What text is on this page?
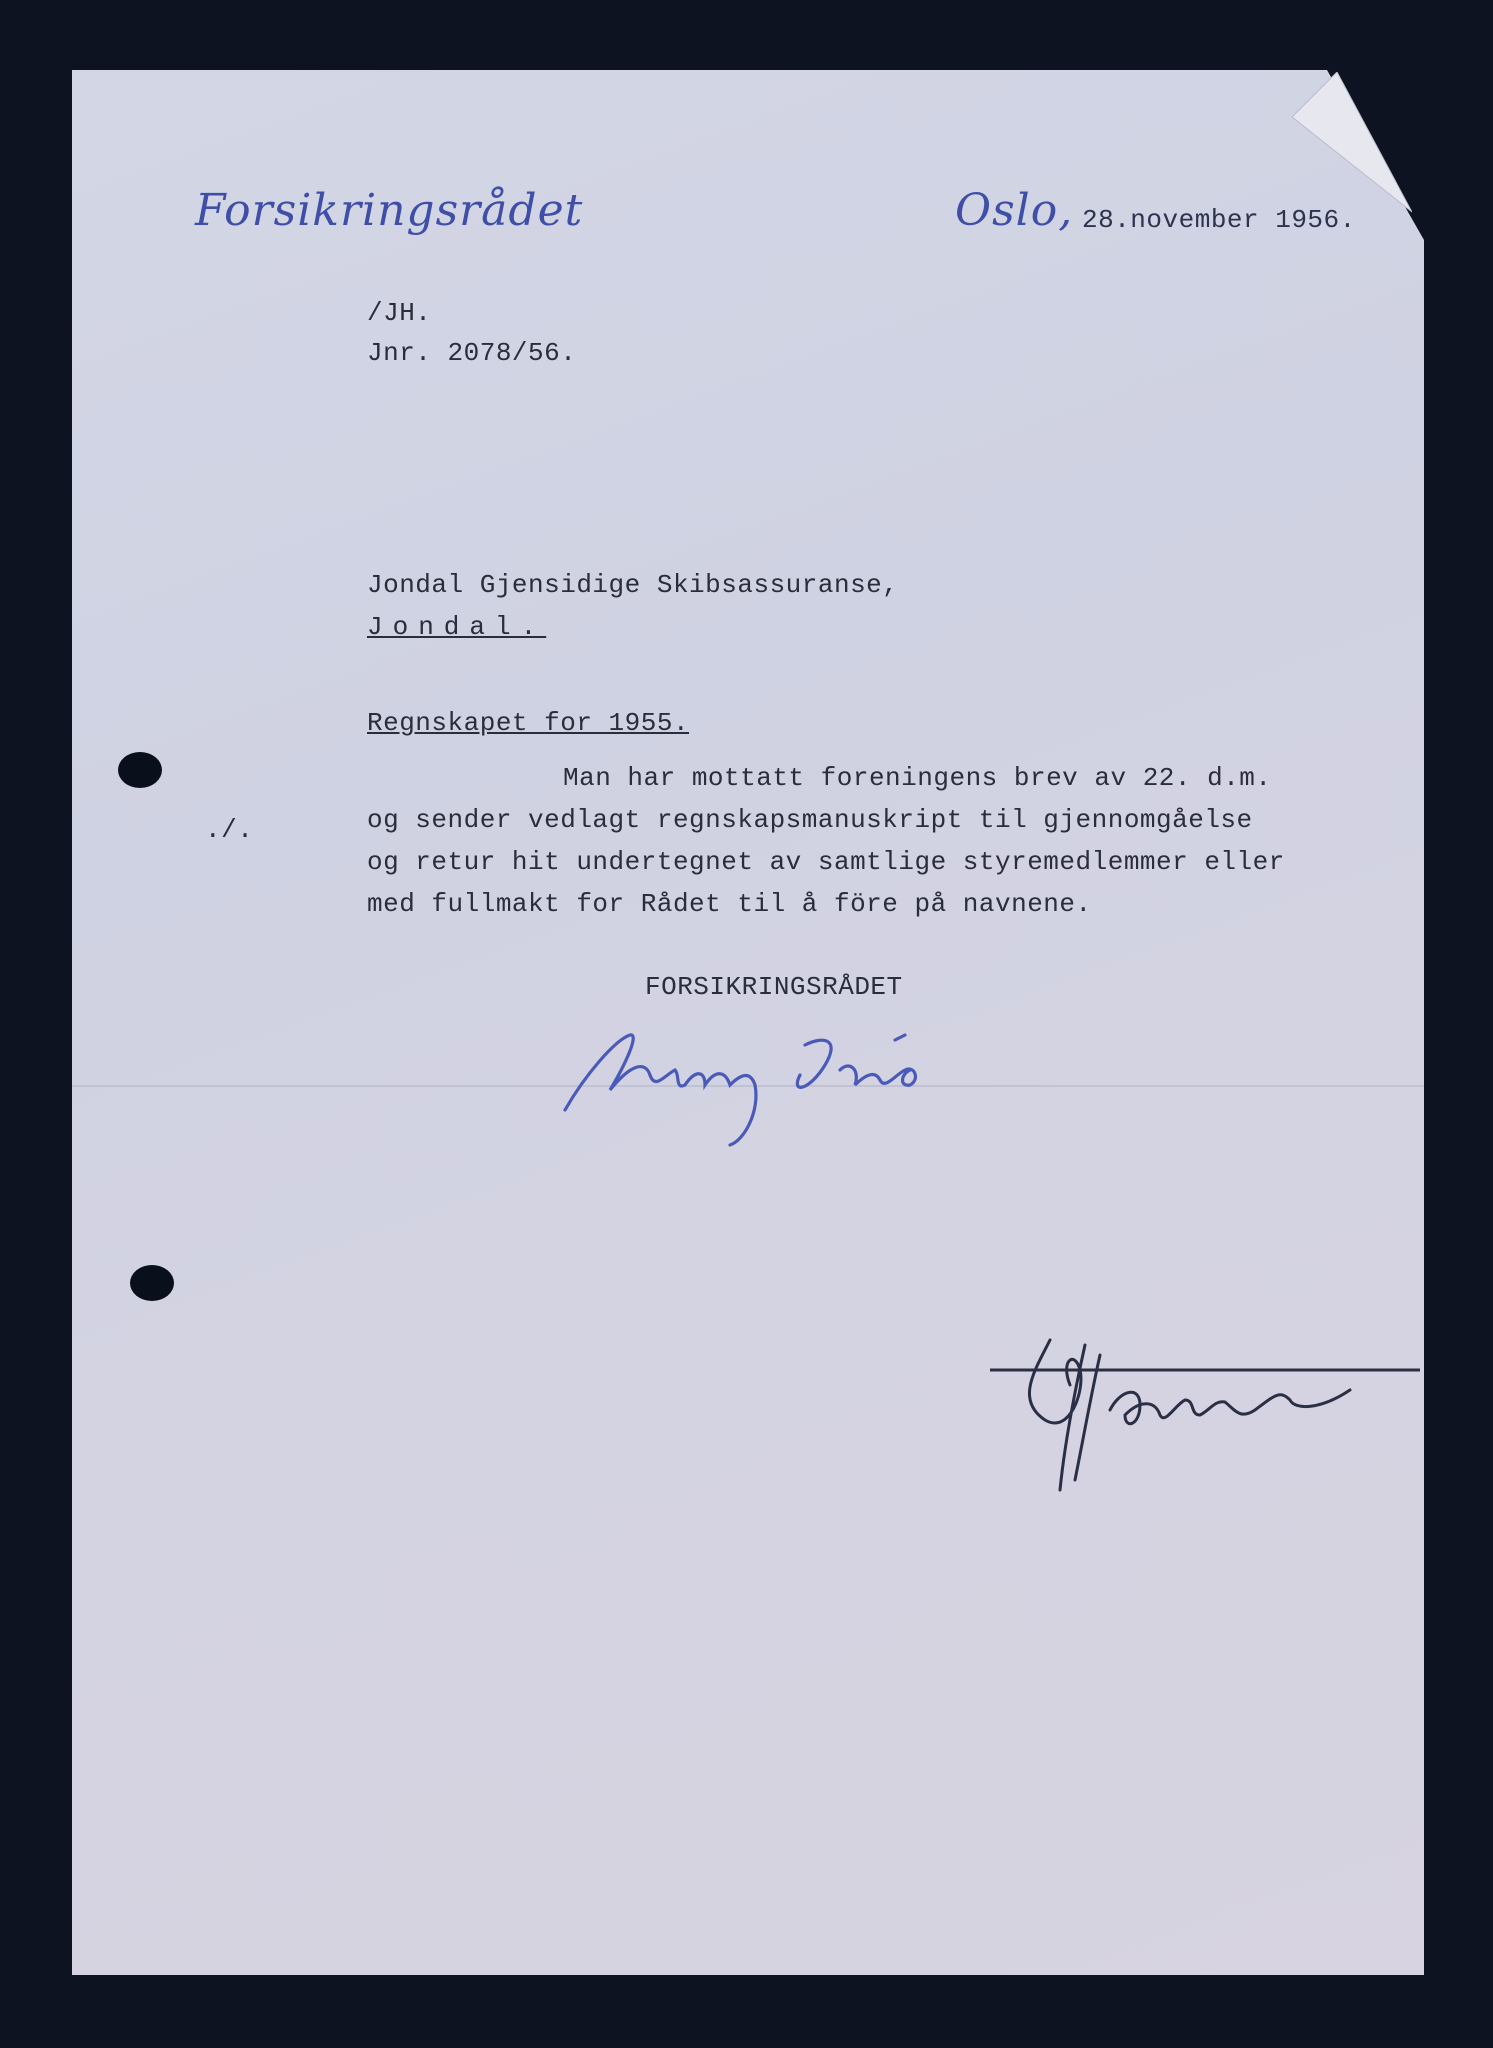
Forsikringsrådet	Oslo, 28.november 1956.
/JH.
Jnr. 2078/56.
Jondal Gjensidige Skibsassuranse,
Jondal.
Regnskapet for 1955.
./.
Man har mottatt foreningens brev av 22. d.m.
og sender vedlagt regnskapsmanuskript til gjennomgåelse
og retur hit undertegnet av samtlige styremedlemmer eller
med fullmakt for Rådet til å före på navnene.
FORSIKRINGSRÅDET
